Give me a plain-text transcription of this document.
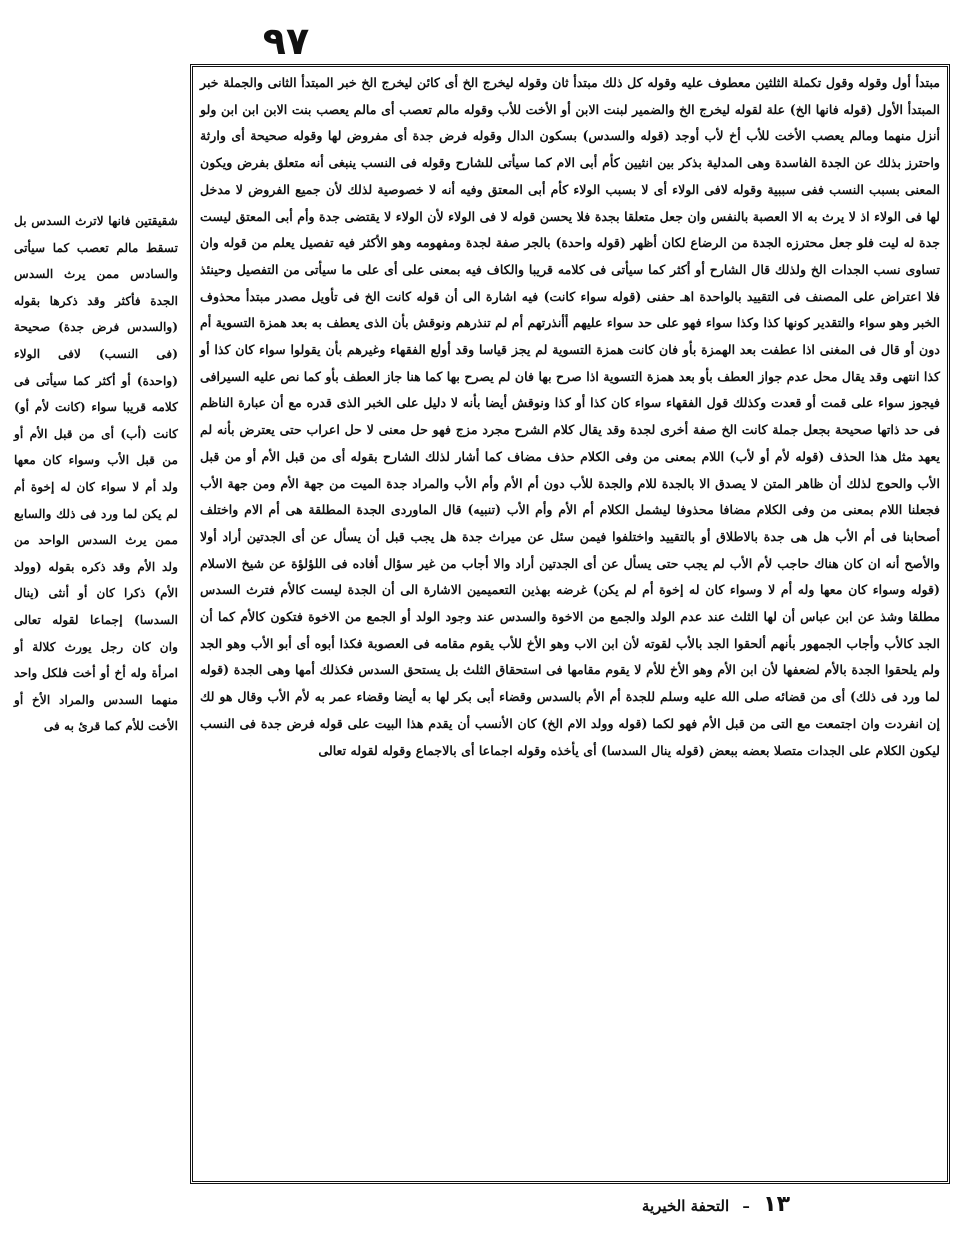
٩٧

مبتدأ أول وقوله وقول تكملة الثلثين معطوف عليه وقوله كل ذلك مبتدأ ثان وقوله ليخرج الخ أى كائن ليخرج الخ خبر المبتدأ الثانى والجملة خبر المبتدأ الأول (قوله فانها الخ) علة لقوله ليخرج الخ والضمير لبنت الابن أو الأخت للأب وقوله مالم تعصب أى مالم يعصب بنت الابن ابن ابن ولو أنزل منهما ومالم يعصب الأخت للأب أخ لأب أوجد (قوله والسدس) بسكون الدال وقوله فرض جدة أى مفروض لها وقوله صحيحة أى وارثة واحترز بذلك عن الجدة الفاسدة وهى المدلية بذكر بين انثيين كأم أبى الام كما سيأتى للشارح وقوله فى النسب ينبغى أنه متعلق بفرض ويكون المعنى بسبب النسب ففى سببية وقوله لافى الولاء أى لا بسبب الولاء كأم أبى المعتق وفيه أنه لا خصوصية لذلك لأن جميع الفروض لا مدخل لها فى الولاء اذ لا يرث به الا العصبة بالنفس وان جعل متعلقا بجدة فلا يحسن قوله لا فى الولاء لأن الولاء لا يقتضى جدة وأم أبى المعتق ليست جدة له ليت فلو جعل محترزه الجدة من الرضاع لكان أظهر (قوله واحدة) بالجر صفة لجدة ومفهومه وهو الأكثر فيه تفصيل يعلم من قوله وان تساوى نسب الجدات الخ ولذلك قال الشارح أو أكثر كما سيأتى فى كلامه قريبا والكاف فيه بمعنى على أى على ما سيأتى من التفصيل وحينئذ فلا اعتراض على المصنف فى التقييد بالواحدة اهـ حفنى (قوله سواء كانت) فيه اشارة الى أن قوله كانت الخ فى تأويل مصدر مبتدأ محذوف الخبر وهو سواء والتقدير كونها كذا وكذا سواء فهو على حد سواء عليهم أأنذرتهم أم لم تنذرهم ونوقش بأن الذى يعطف به بعد همزة التسوية أم دون أو قال فى المغنى اذا عطفت بعد الهمزة بأو فان كانت همزة التسوية لم يجز قياسا وقد أولع الفقهاء وغيرهم بأن يقولوا سواء كان كذا أو كذا انتهى وقد يقال محل عدم جواز العطف بأو بعد همزة التسوية اذا صرح بها فان لم يصرح بها كما هنا جاز العطف بأو كما نص عليه السيرافى فيجوز سواء على قمت أو قعدت وكذلك قول الفقهاء سواء كان كذا أو كذا ونوقش أيضا بأنه لا دليل على الخبر الذى قدره مع أن عبارة الناظم فى حد ذاتها صحيحة بجعل جملة كانت الخ صفة أخرى لجدة وقد يقال كلام الشرح مجرد مزج فهو حل معنى لا حل اعراب حتى يعترض بأنه لم يعهد مثل هذا الحذف (قوله لأم أو لأب) اللام بمعنى من وفى الكلام حذف مضاف كما أشار لذلك الشارح بقوله أى من قبل الأم أو من قبل الأب والحوج لذلك أن ظاهر المتن لا يصدق الا بالجدة للام والجدة للأب دون أم الأم وأم الأب والمراد جدة الميت من جهة الأم ومن جهة الأب فجعلنا اللام بمعنى من وفى الكلام مضافا محذوفا ليشمل الكلام أم الأم وأم الأب (تنبيه) قال الماوردى الجدة المطلقة هى أم الام واختلف أصحابنا فى أم الأب هل هى جدة بالاطلاق أو بالتقييد واختلفوا فيمن سئل عن ميراث جدة هل يجب قبل أن يسأل عن أى الجدتين أراد أولا والأصح أنه ان كان هناك حاجب لأم الأب لم يجب حتى يسأل عن أى الجدتين أراد والا أجاب من غير سؤال أفاده فى اللؤلؤة عن شيخ الاسلام (قوله وسواء كان معها وله أم لا وسواء كان له إخوة أم لم يكن) غرضه بهذين التعميمين الاشارة الى أن الجدة ليست كالأم فترث السدس مطلقا وشذ عن ابن عباس أن لها الثلث عند عدم الولد والجمع من الاخوة والسدس عند وجود الولد أو الجمع من الاخوة فتكون كالأم كما أن الجد كالأب وأجاب الجمهور بأنهم ألحقوا الجد بالأب لقوته لأن ابن الاب وهو الأخ للأب يقوم مقامه فى العصوبة فكذا أبوه أى أبو الأب وهو الجد ولم يلحقوا الجدة بالأم لضعفها لأن ابن الأم وهو الأخ للأم لا يقوم مقامها فى استحقاق الثلث بل يستحق السدس فكذلك أمها وهى الجدة (قوله لما ورد فى ذلك) أى من قضائه صلى الله عليه وسلم للجدة أم الأم بالسدس وقضاء أبى بكر لها به أيضا وقضاء عمر به لأم الأب وقال هو لك إن انفردت وان اجتمعت مع التى من قبل الأم فهو لكما (قوله وولد الام الخ) كان الأنسب أن يقدم هذا البيت على قوله فرض جدة فى النسب ليكون الكلام على الجدات متصلا بعضه ببعض (قوله ينال السدسا) أى يأخذه وقوله اجماعا أى بالاجماع وقوله لقوله تعالى

شقيقتين فانها لاترث السدس بل تسقط مالم تعصب كما سيأتى والسادس ممن يرث السدس الجدة فأكثر وقد ذكرها بقوله (والسدس فرض جدة) صحيحة (فى النسب) لافى الولاء (واحدة) أو أكثر كما سيأتى فى كلامه قريبا سواء (كانت لأم أو) كانت (أب) أى من قبل الأم أو من قبل الأب وسواء كان معها ولد أم لا سواء كان له إخوة أم لم يكن لما ورد فى ذلك والسابع ممن يرث السدس الواحد من ولد الأم وقد ذكره بقوله (وولد الأم) ذكرا كان أو أنثى (ينال السدسا) إجماعا لقوله تعالى وان كان رجل يورث كلالة أو امرأة وله أخ أو أخت فلكل واحد منهما السدس والمراد الأخ أو الأخت للأم كما قرئ به فى

١٣ – التحفة الخيرية
